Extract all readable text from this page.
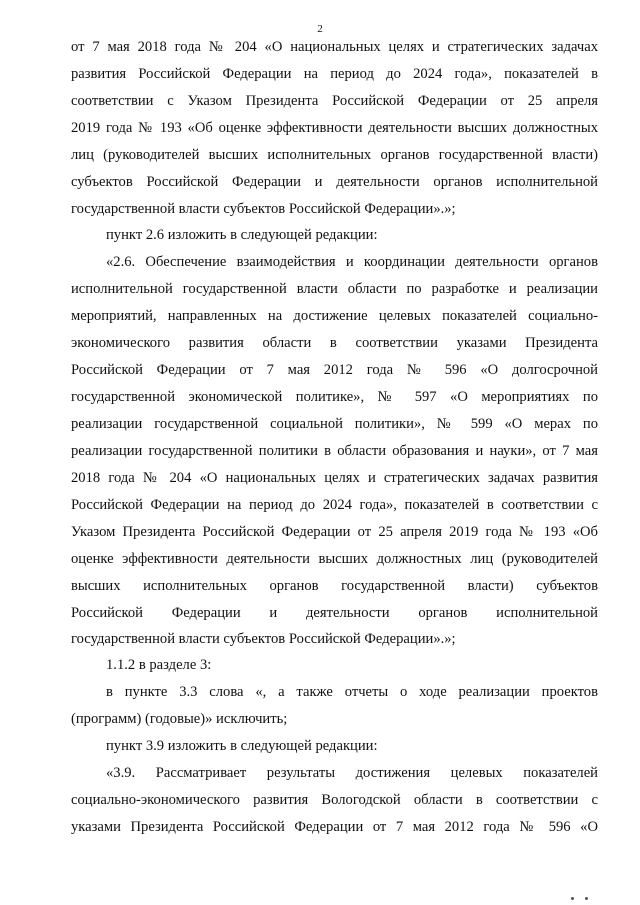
2
от 7 мая 2018 года № 204 «О национальных целях и стратегических задачах
развития Российской Федерации на период до 2024 года», показателей в
соответствии с Указом Президента Российской Федерации от 25 апреля
2019 года № 193 «Об оценке эффективности деятельности высших должностных
лиц (руководителей высших исполнительных органов государственной власти)
субъектов Российской Федерации и деятельности органов исполнительной
государственной власти субъектов Российской Федерации».»;
пункт 2.6 изложить в следующей редакции:
«2.6. Обеспечение взаимодействия и координации деятельности органов
исполнительной государственной власти области по разработке и реализации
мероприятий, направленных на достижение целевых показателей социально-
экономического развития области в соответствии указами Президента
Российской Федерации от 7 мая 2012 года № 596 «О долгосрочной
государственной экономической политике», № 597 «О мероприятиях по
реализации государственной социальной политики», № 599 «О мерах по
реализации государственной политики в области образования и науки», от 7 мая
2018 года № 204 «О национальных целях и стратегических задачах развития
Российской Федерации на период до 2024 года», показателей в соответствии с
Указом Президента Российской Федерации от 25 апреля 2019 года № 193 «Об
оценке эффективности деятельности высших должностных лиц (руководителей
высших исполнительных органов государственной власти) субъектов
Российской Федерации и деятельности органов исполнительной
государственной власти субъектов Российской Федерации».»;
1.1.2 в разделе 3:
в пункте 3.3 слова «, а также отчеты о ходе реализации проектов
(программ) (годовые)» исключить;
пункт 3.9 изложить в следующей редакции:
«3.9. Рассматривает результаты достижения целевых показателей
социально-экономического развития Вологодской области в соответствии с
указами Президента Российской Федерации от 7 мая 2012 года № 596 «О
